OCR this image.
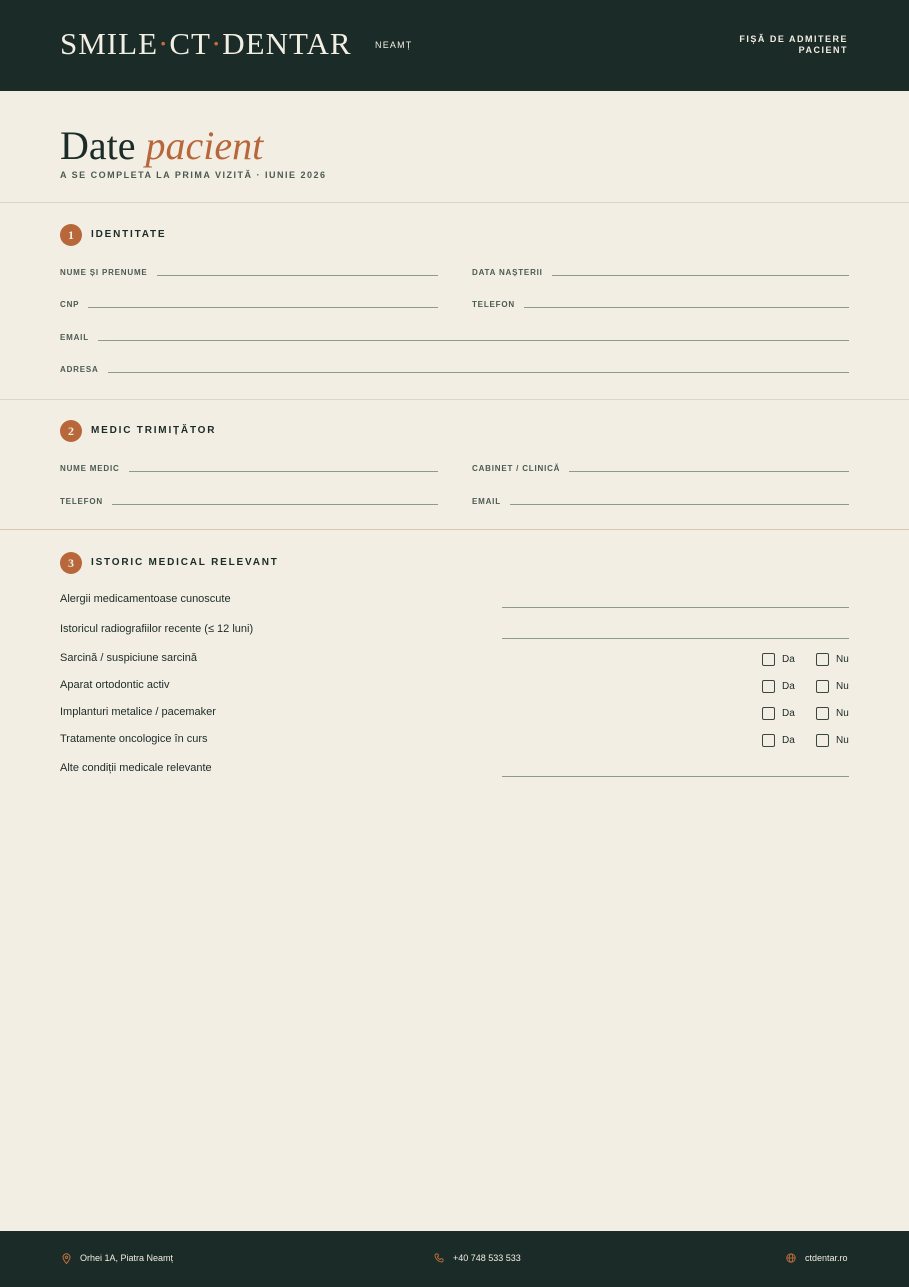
SMILE·CT·DENTAR	NEAMȚ
FIȘĂ DE ADMITERE
PACIENT
Date pacient
A SE COMPLETA LA PRIMA VIZITĂ · IUNIE 2026
1	IDENTITATE
NUME ȘI PRENUME	DATA NAȘTERII
CNP	TELEFON
EMAIL
ADRESA
2	MEDIC TRIMIȚĂTOR
NUME MEDIC	CABINET / CLINICĂ
TELEFON	EMAIL
3	ISTORIC MEDICAL RELEVANT
Alergii medicamentoase cunoscute
Istoricul radiografiilor recente (≤ 12 luni)
Sarcină / suspiciune sarcină	Da	Nu
Aparat ortodontic activ	Da	Nu
Implanturi metalice / pacemaker	Da	Nu
Tratamente oncologice în curs	Da	Nu
Alte condiții medicale relevante
Orhei 1A, Piatra Neamț	+40 748 533 533	ctdentar.ro
